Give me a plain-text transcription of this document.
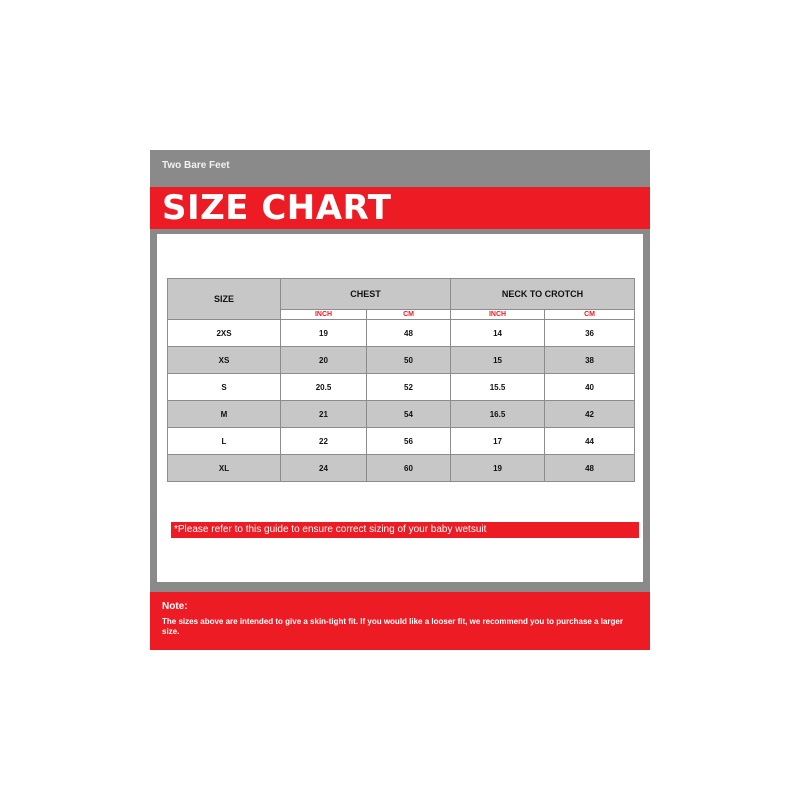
Two Bare Feet
SIZE CHART
SIZE	CHEST		NECK TO CROTCH	
	INCH	CM	INCH	CM
2XS	19	48	14	36
XS	20	50	15	38
S	20.5	52	15.5	40
M	21	54	16.5	42
L	22	56	17	44
XL	24	60	19	48
*Please refer to this guide to ensure correct sizing of your baby wetsuit
Note:
The sizes above are intended to give a skin-tight fit. If you would like a looser fit, we recommend you to purchase a larger size.
